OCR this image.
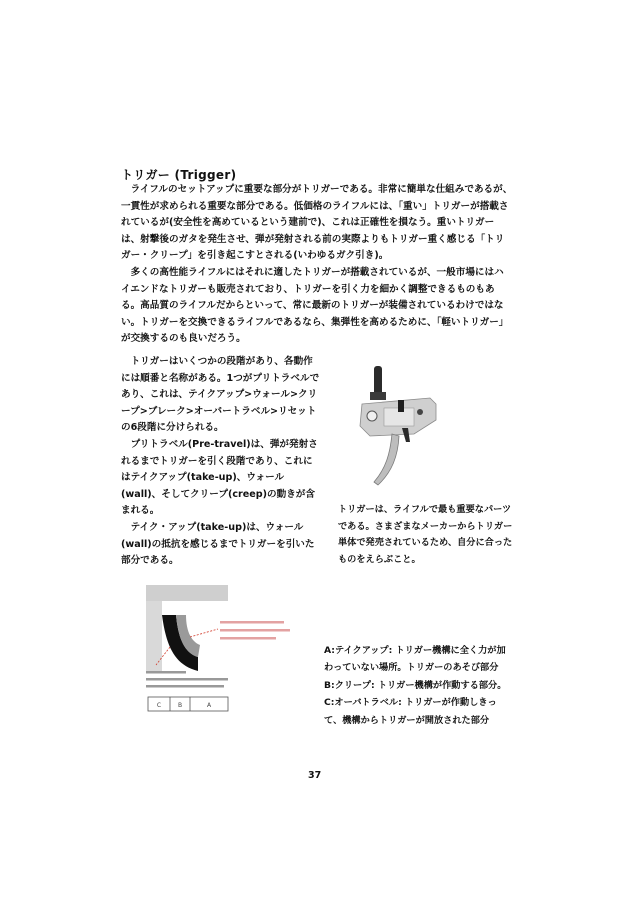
トリガー (Trigger)

ライフルのセットアップに重要な部分がトリガーである。非常に簡単な仕組みであるが、一貫性が求められる重要な部分である。低価格のライフルには、「重い」トリガーが搭載されているが(安全性を高めているという建前で)、これは正確性を損なう。重いトリガーは、射撃後のガタを発生させ、弾が発射される前の実際よりもトリガー重く感じる「トリガー・クリープ」を引き起こすとされる(いわゆるガク引き)。

多くの高性能ライフルにはそれに適したトリガーが搭載されているが、一般市場にはハイエンドなトリガーも販売されており、トリガーを引く力を細かく調整できるものもある。高品質のライフルだからといって、常に最新のトリガーが装備されているわけではない。トリガーを交換できるライフルであるなら、集弾性を高めるために、「軽いトリガー」が交換するのも良いだろう。

トリガーはいくつかの段階があり、各動作には順番と名称がある。1つがプリトラベルであり、これは、テイクアップ>ウォール>クリープ>ブレーク>オーバートラベル>リセットの6段階に分けられる。

プリトラベル(Pre-travel)は、弾が発射されるまでトリガーを引く段階であり、これにはテイクアップ(take-up)、ウォール(wall)、そしてクリープ(creep)の動きが含まれる。

テイク・アップ(take-up)は、ウォール(wall)の抵抗を感じるまでトリガーを引いた部分である。

トリガーは、ライフルで最も重要なパーツである。さまざまなメーカーからトリガー単体で発売されているため、自分に合ったものをえらぶこと。
C	B	A

A:テイクアップ: トリガー機構に全く力が加わっていない場所。トリガーのあそび部分

B:クリープ: トリガー機構が作動する部分。

C:オーバトラベル: トリガーが作動しきって、機構からトリガーが開放された部分

37
